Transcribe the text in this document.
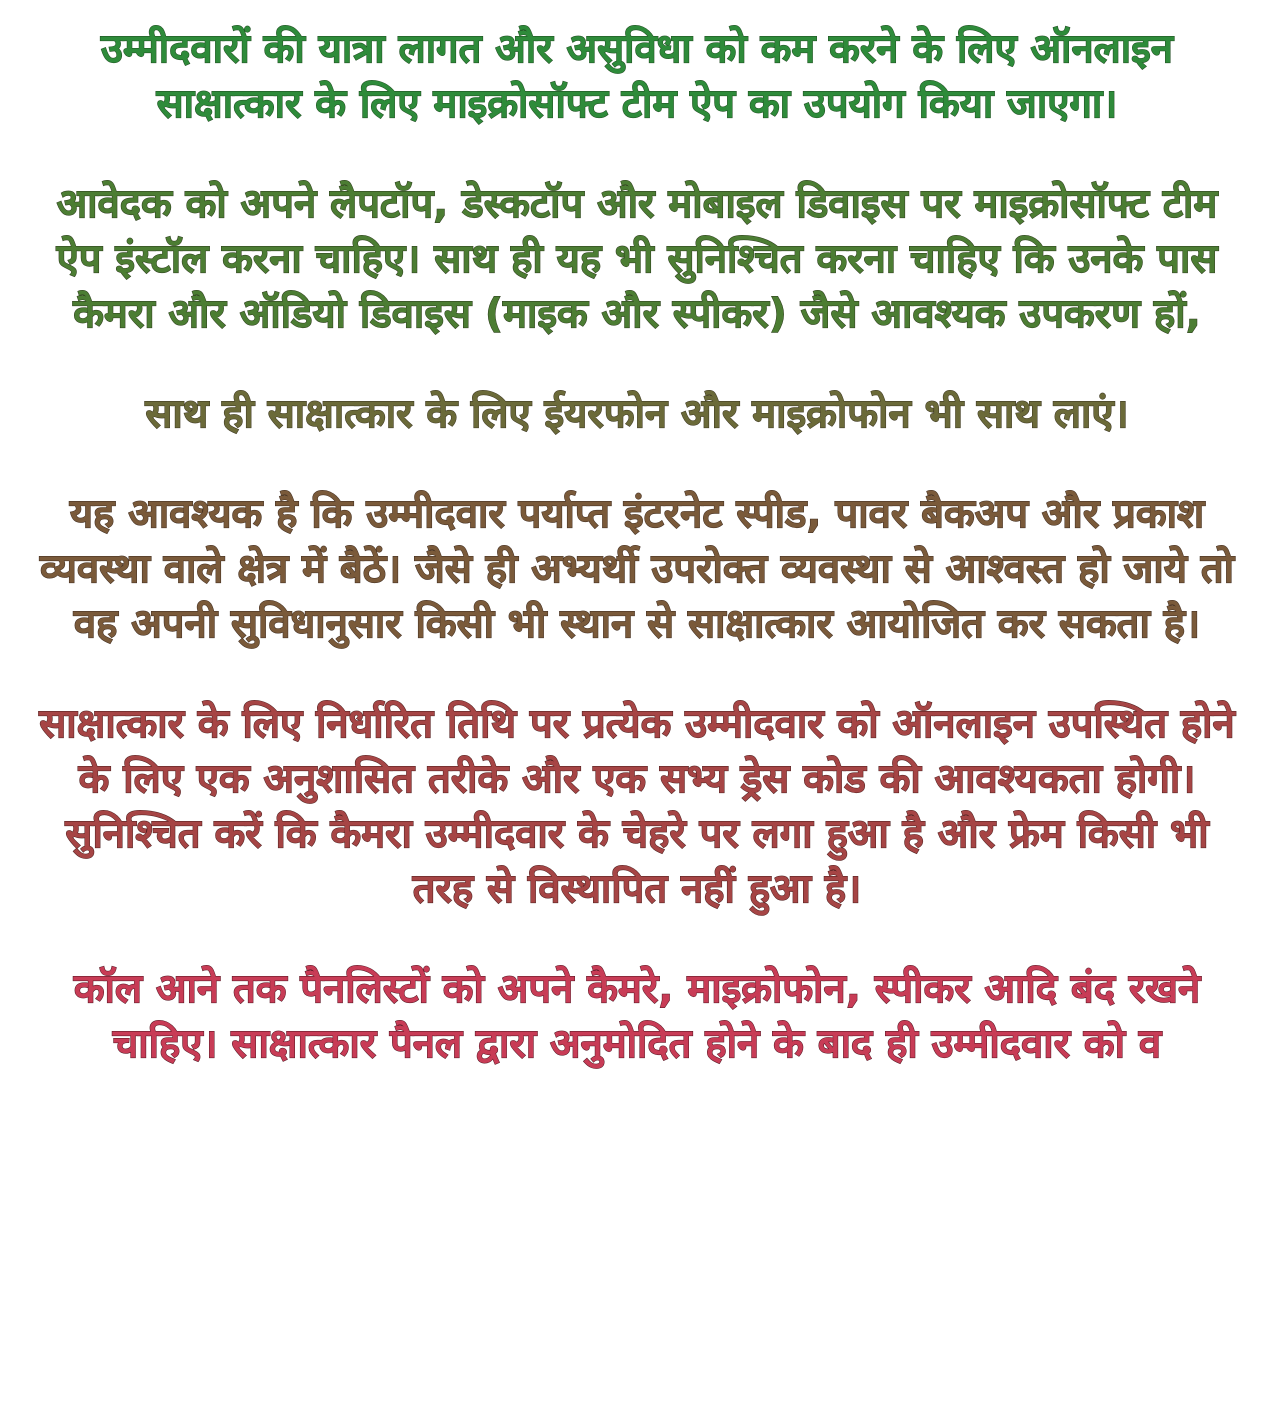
उम्मीदवारों की यात्रा लागत और असुविधा को कम करने के लिए ऑनलाइन साक्षात्कार के लिए माइक्रोसॉफ्ट टीम ऐप का उपयोग किया जाएगा।

आवेदक को अपने लैपटॉप, डेस्कटॉप और मोबाइल डिवाइस पर माइक्रोसॉफ्ट टीम ऐप इंस्टॉल करना चाहिए। साथ ही यह भी सुनिश्चित करना चाहिए कि उनके पास कैमरा और ऑडियो डिवाइस (माइक और स्पीकर) जैसे आवश्यक उपकरण हों,

साथ ही साक्षात्कार के लिए ईयरफोन और माइक्रोफोन भी साथ लाएं।

यह आवश्यक है कि उम्मीदवार पर्याप्त इंटरनेट स्पीड, पावर बैकअप और प्रकाश व्यवस्था वाले क्षेत्र में बैठें। जैसे ही अभ्यर्थी उपरोक्त व्यवस्था से आश्वस्त हो जाये तो वह अपनी सुविधानुसार किसी भी स्थान से साक्षात्कार आयोजित कर सकता है।

साक्षात्कार के लिए निर्धारित तिथि पर प्रत्येक उम्मीदवार को ऑनलाइन उपस्थित होने के लिए एक अनुशासित तरीके और एक सभ्य ड्रेस कोड की आवश्यकता होगी। सुनिश्चित करें कि कैमरा उम्मीदवार के चेहरे पर लगा हुआ है और फ्रेम किसी भी तरह से विस्थापित नहीं हुआ है।

कॉल आने तक पैनलिस्टों को अपने कैमरे, माइक्रोफोन, स्पीकर आदि बंद रखने चाहिए। साक्षात्कार पैनल द्वारा अनुमोदित होने के बाद ही उम्मीदवार को व
